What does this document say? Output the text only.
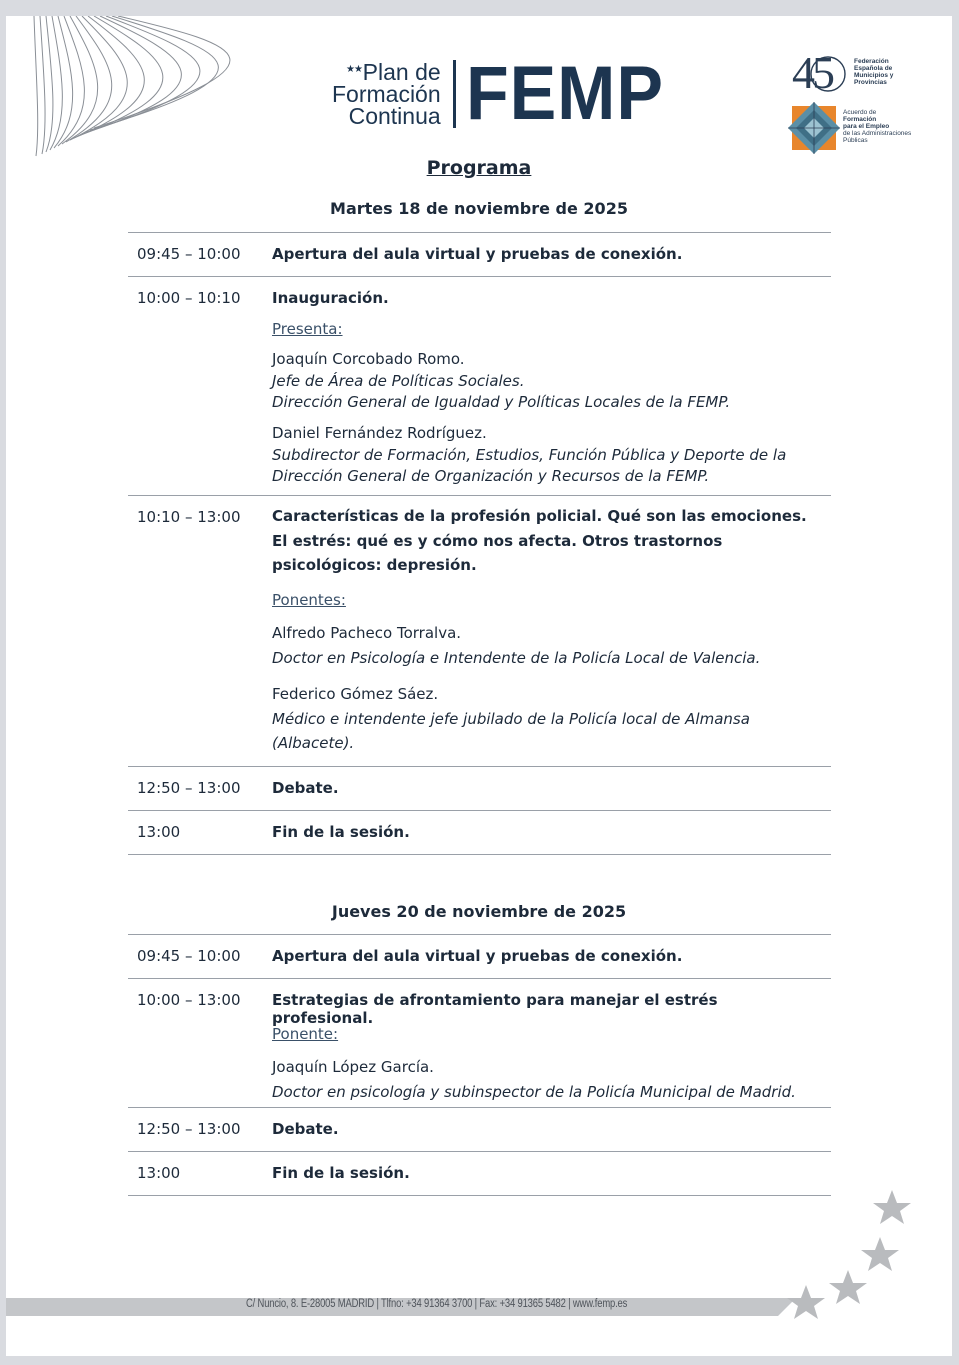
★★ Plan de
Formación
Continua FEMP	45	Federación
Española de
Municipios y
Provincias
Acuerdo de
Formación
para el Empleo
de las Administraciones
Públicas
Programa
Martes 18 de noviembre de 2025
09:45 – 10:00 Apertura del aula virtual y pruebas de conexión.
10:00 – 10:10 Inauguración.
Presenta:
Joaquín Corcobado Romo.
Jefe de Área de Políticas Sociales.
Dirección General de Igualdad y Políticas Locales de la FEMP.
Daniel Fernández Rodríguez.
Subdirector de Formación, Estudios, Función Pública y Deporte de la Dirección General de Organización y Recursos de la FEMP.
10:10 – 13:00 Características de la profesión policial. Qué son las emociones. El estrés: qué es y cómo nos afecta. Otros trastornos psicológicos: depresión.
Ponentes:
Alfredo Pacheco Torralva.
Doctor en Psicología e Intendente de la Policía Local de Valencia.
Federico Gómez Sáez.
Médico e intendente jefe jubilado de la Policía local de Almansa (Albacete).
12:50 – 13:00 Debate.
13:00	Fin de la sesión.
Jueves 20 de noviembre de 2025
09:45 – 10:00 Apertura del aula virtual y pruebas de conexión.
10:00 – 13:00 Estrategias de afrontamiento para manejar el estrés profesional.
Ponente:
Joaquín López García.
Doctor en psicología y subinspector de la Policía Municipal de Madrid.
12:50 – 13:00 Debate.
13:00	Fin de la sesión.
C/ Nuncio, 8. E-28005 MADRID | Tlfno: +34 91364 3700 | Fax: +34 91365 5482 | www.femp.es
